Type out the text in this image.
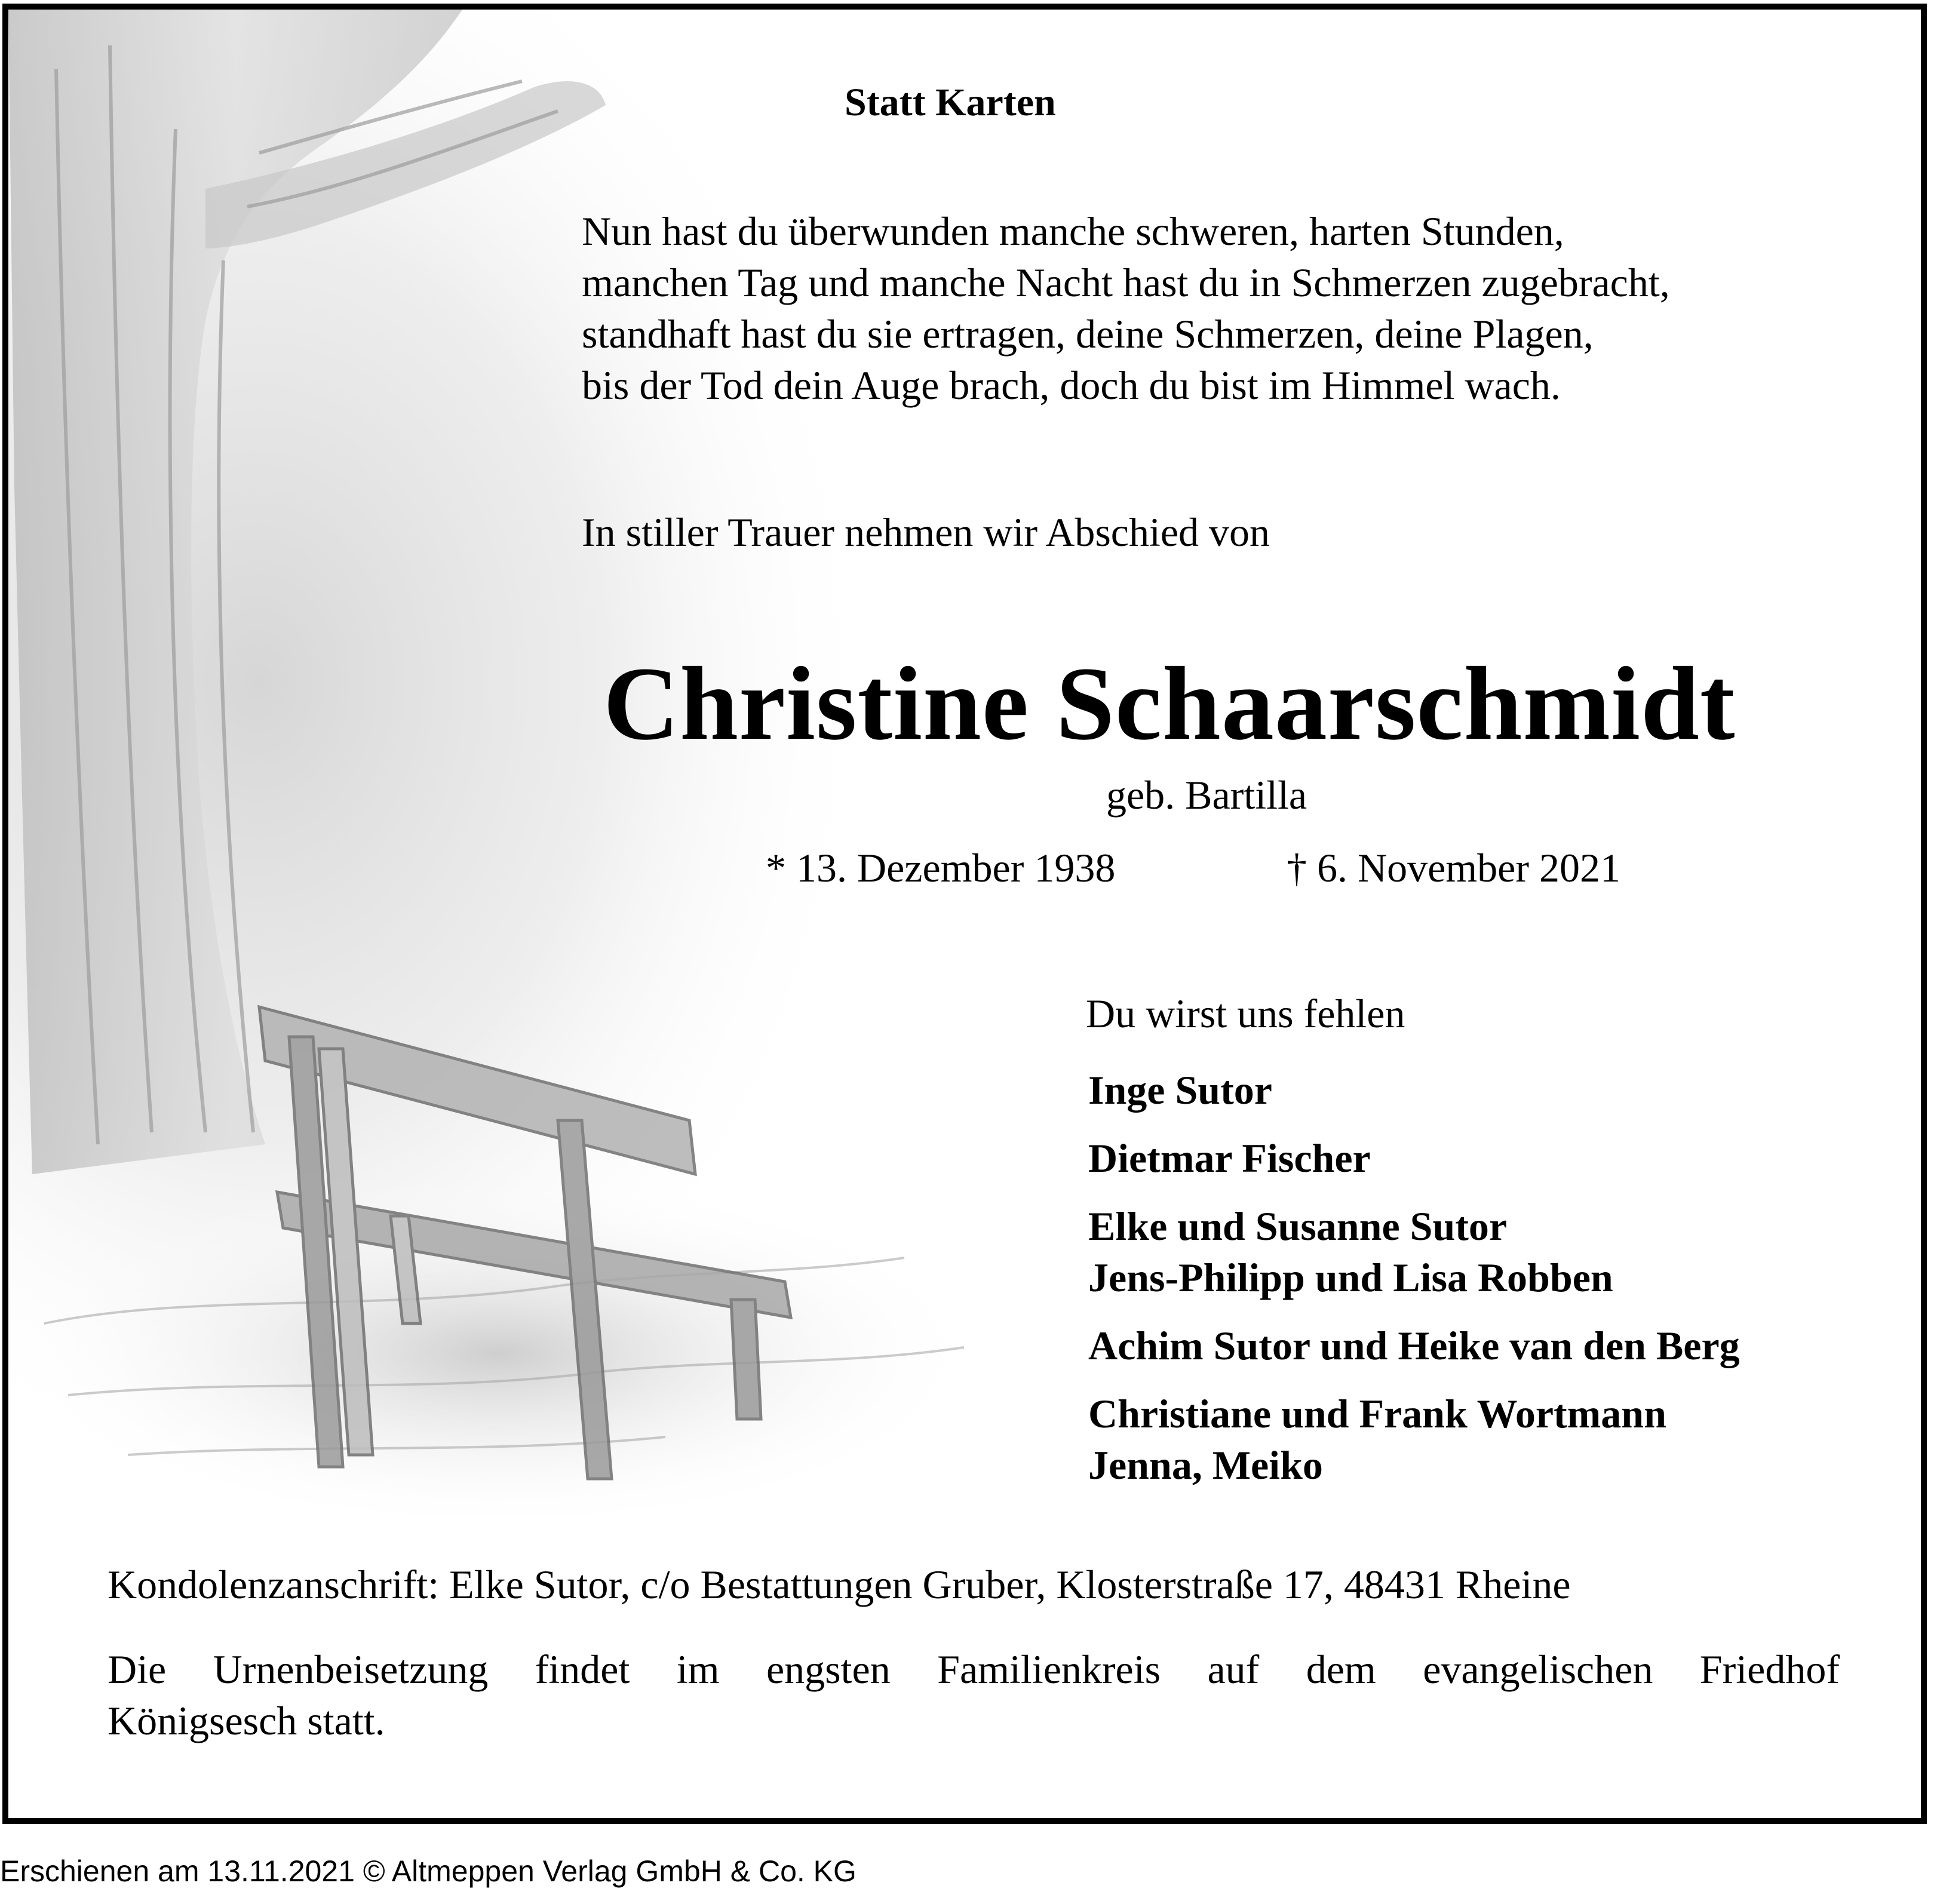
Statt Karten

Nun hast du überwunden manche schweren, harten Stunden,
manchen Tag und manche Nacht hast du in Schmerzen zugebracht,
standhaft hast du sie ertragen, deine Schmerzen, deine Plagen,
bis der Tod dein Auge brach, doch du bist im Himmel wach.

In stiller Trauer nehmen wir Abschied von

Christine Schaarschmidt

geb. Bartilla

* 13. Dezember 1938	† 6. November 2021

Du wirst uns fehlen

Inge Sutor
Dietmar Fischer
Elke und Susanne Sutor
Jens-Philipp und Lisa Robben
Achim Sutor und Heike van den Berg
Christiane und Frank Wortmann
Jenna, Meiko

Kondolenzanschrift: Elke Sutor, c/o Bestattungen Gruber, Klosterstraße 17, 48431 Rheine

Die Urnenbeisetzung findet im engsten Familienkreis auf dem evangelischen Friedhof
Königsesch statt.
Erschienen am 13.11.2021 © Altmeppen Verlag GmbH & Co. KG
